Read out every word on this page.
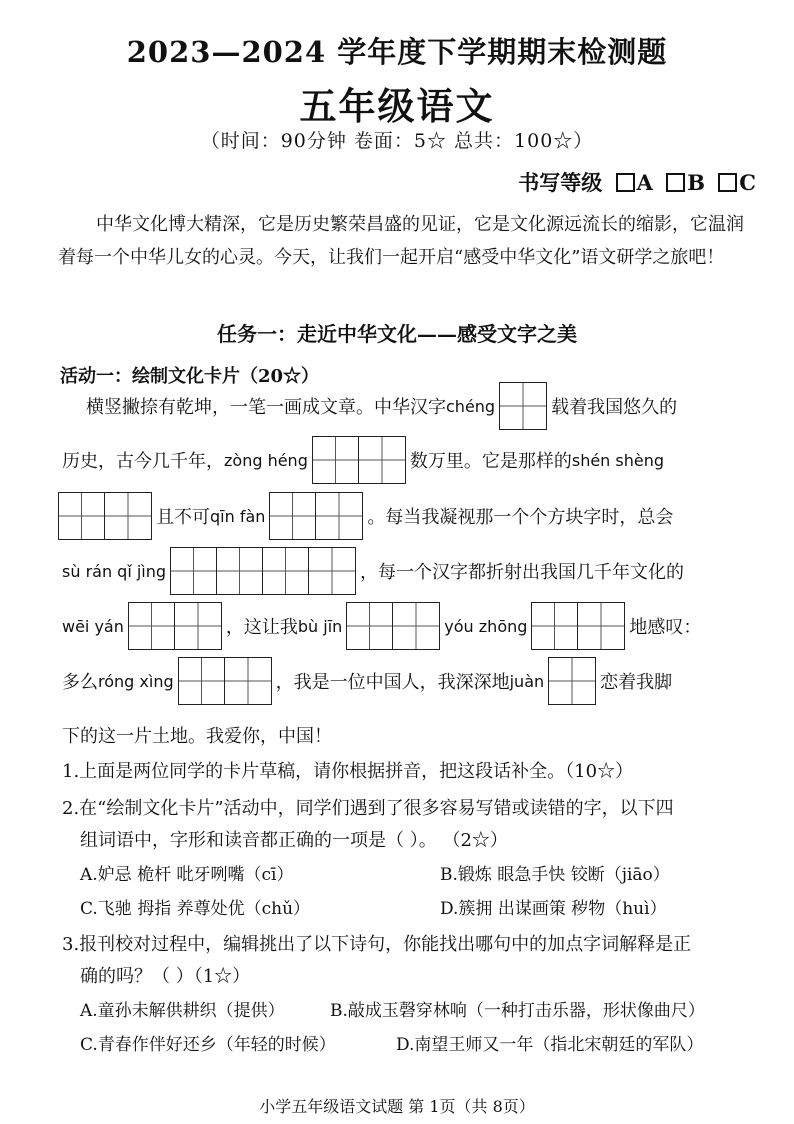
2023—2024 学年度下学期期末检测题
五年级语文
（时间：90分钟 卷面：5☆ 总共：100☆）
书写等级 A B C
中华文化博大精深，它是历史繁荣昌盛的见证，它是文化源远流长的缩影，它温润着每一个中华儿女的心灵。今天，让我们一起开启“感受中华文化”语文研学之旅吧！
任务一：走近中华文化——感受文字之美
活动一：绘制文化卡片（20☆）
横竖撇捺有乾坤，一笔一画成文章。中华汉字 chéng	载着我国悠久的
历史，古今几千年， zòng héng	数万里。它是那样的 shén shèng
且不可 qīn fàn	。每当我凝视那一个个方块字时，总会
sù rán qǐ jìng	，每一个汉字都折射出我国几千年文化的
wēi yán	，这让我 bù jīn	yóu zhōng	地感叹：
多么 róng xìng	，我是一位中国人，我深深地 juàn	恋着我脚
下的这一片土地。我爱你，中国！
1.上面是两位同学的卡片草稿，请你根据拼音，把这段话补全。（10☆）
2.在“绘制文化卡片”活动中，同学们遇到了很多容易写错或读错的字，以下四
组词语中，字形和读音都正确的一项是（ ）。 （2☆）
A.妒忌 桅杆 吡牙咧嘴（cī）	B.锻炼 眼急手快 铰断（jiāo）
C.飞驰 拇指 养尊处优（chǔ）	D.簇拥 出谋画策 秽物（huì）
3.报刊校对过程中，编辑挑出了以下诗句，你能找出哪句中的加点字词解释是正
确的吗？（ ）（1☆）
A.童孙未解供耕织（提供）	B.敲成玉磬穿林响（一种打击乐器，形状像曲尺）
C.青春作伴好还乡（年轻的时候）	D.南望王师又一年（指北宋朝廷的军队）
小学五年级语文试题 第 1页（共 8页）
